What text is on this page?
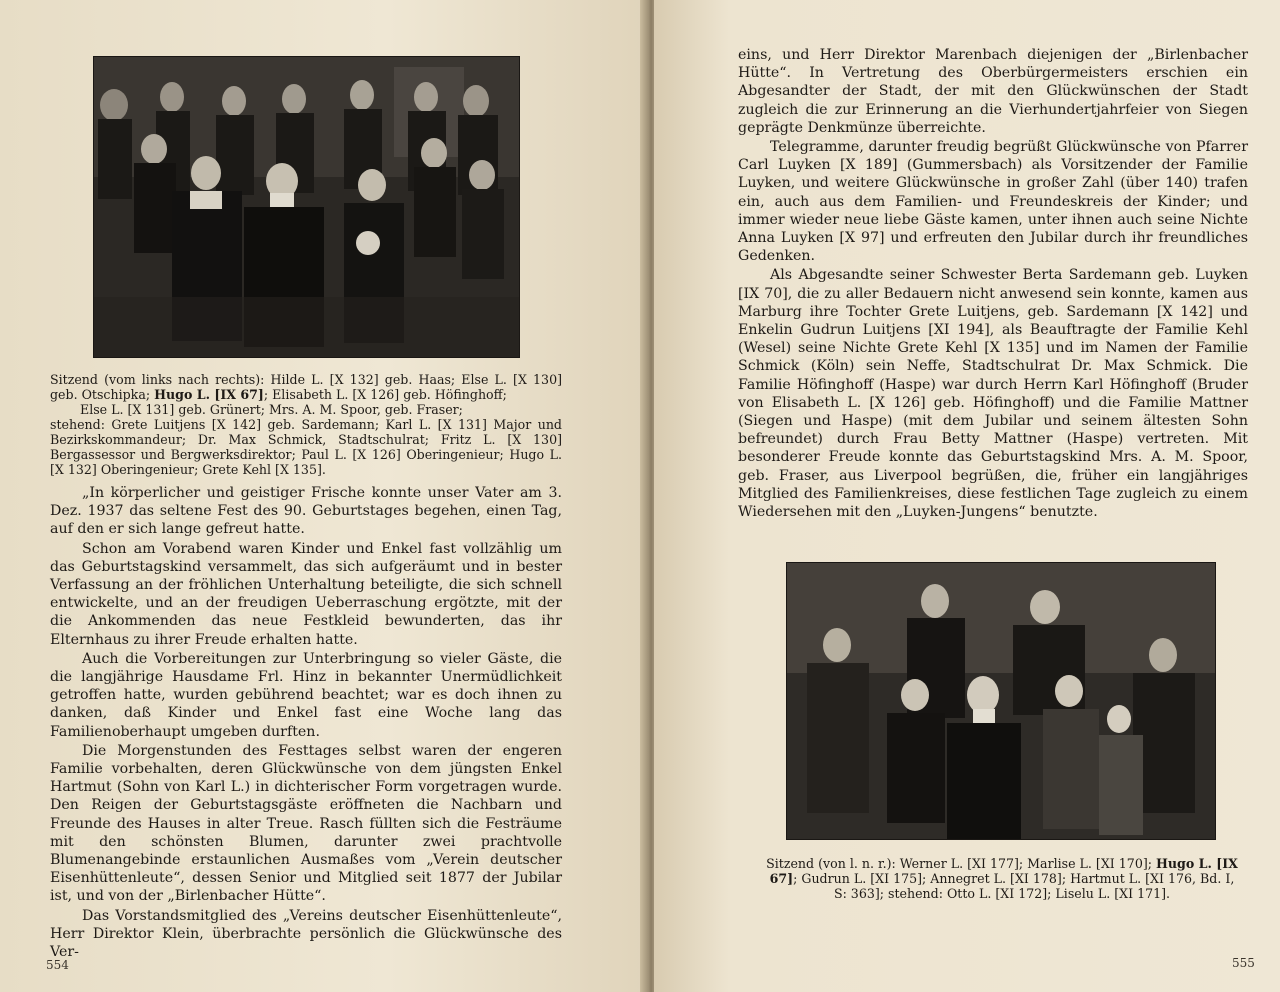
Sitzend (vom links nach rechts): Hilde L. [X 132] geb. Haas; Else L. [X 130] geb. Otschipka; Hugo L. [IX 67]; Elisabeth L. [X 126] geb. Höfinghoff;

Else L. [X 131] geb. Grünert; Mrs. A. M. Spoor, geb. Fraser;

stehend: Grete Luitjens [X 142] geb. Sardemann; Karl L. [X 131] Major und Bezirkskommandeur; Dr. Max Schmick, Stadtschulrat; Fritz L. [X 130] Bergassessor und Bergwerksdirektor; Paul L. [X 126] Oberingenieur; Hugo L. [X 132] Oberingenieur; Grete Kehl [X 135].

„In körperlicher und geistiger Frische konnte unser Vater am 3. Dez. 1937 das seltene Fest des 90. Geburtstages begehen, einen Tag, auf den er sich lange gefreut hatte.

Schon am Vorabend waren Kinder und Enkel fast vollzählig um das Geburtstagskind versammelt, das sich aufgeräumt und in bester Verfassung an der fröhlichen Unterhaltung beteiligte, die sich schnell entwickelte, und an der freudigen Ueberraschung ergötzte, mit der die Ankommenden das neue Festkleid bewunderten, das ihr Elternhaus zu ihrer Freude erhalten hatte.

Auch die Vorbereitungen zur Unterbringung so vieler Gäste, die die langjährige Hausdame Frl. Hinz in bekannter Unermüdlichkeit getroffen hatte, wurden gebührend beachtet; war es doch ihnen zu danken, daß Kinder und Enkel fast eine Woche lang das Familienoberhaupt umgeben durften.

Die Morgenstunden des Festtages selbst waren der engeren Familie vorbehalten, deren Glückwünsche von dem jüngsten Enkel Hartmut (Sohn von Karl L.) in dichterischer Form vorgetragen wurde. Den Reigen der Geburtstagsgäste eröffneten die Nachbarn und Freunde des Hauses in alter Treue. Rasch füllten sich die Festräume mit den schönsten Blumen, darunter zwei prachtvolle Blumenangebinde erstaunlichen Ausmaßes vom „Verein deutscher Eisenhüttenleute“, dessen Senior und Mitglied seit 1877 der Jubilar ist, und von der „Birlenbacher Hütte“.

Das Vorstandsmitglied des „Vereins deutscher Eisenhüttenleute“, Herr Direktor Klein, überbrachte persönlich die Glückwünsche des Ver-

554

eins, und Herr Direktor Marenbach diejenigen der „Birlenbacher Hütte“. In Vertretung des Oberbürgermeisters erschien ein Abgesandter der Stadt, der mit den Glückwünschen der Stadt zugleich die zur Erinnerung an die Vierhundertjahrfeier von Siegen geprägte Denkmünze überreichte.

Telegramme, darunter freudig begrüßt Glückwünsche von Pfarrer Carl Luyken [X 189] (Gummersbach) als Vorsitzender der Familie Luyken, und weitere Glückwünsche in großer Zahl (über 140) trafen ein, auch aus dem Familien- und Freundeskreis der Kinder; und immer wieder neue liebe Gäste kamen, unter ihnen auch seine Nichte Anna Luyken [X 97] und erfreuten den Jubilar durch ihr freundliches Gedenken.

Als Abgesandte seiner Schwester Berta Sardemann geb. Luyken [IX 70], die zu aller Bedauern nicht anwesend sein konnte, kamen aus Marburg ihre Tochter Grete Luitjens, geb. Sardemann [X 142] und Enkelin Gudrun Luitjens [XI 194], als Beauftragte der Familie Kehl (Wesel) seine Nichte Grete Kehl [X 135] und im Namen der Familie Schmick (Köln) sein Neffe, Stadtschulrat Dr. Max Schmick. Die Familie Höfinghoff (Haspe) war durch Herrn Karl Höfinghoff (Bruder von Elisabeth L. [X 126] geb. Höfinghoff) und die Familie Mattner (Siegen und Haspe) (mit dem Jubilar und seinem ältesten Sohn befreundet) durch Frau Betty Mattner (Haspe) vertreten. Mit besonderer Freude konnte das Geburtstagskind Mrs. A. M. Spoor, geb. Fraser, aus Liverpool begrüßen, die, früher ein langjähriges Mitglied des Familienkreises, diese festlichen Tage zugleich zu einem Wiedersehen mit den „Luyken-Jungens“ benutzte.

Sitzend (von l. n. r.): Werner L. [XI 177]; Marlise L. [XI 170]; Hugo L. [IX 67]; Gudrun L. [XI 175]; Annegret L. [XI 178]; Hartmut L. [XI 176, Bd. I, S: 363]; stehend: Otto L. [XI 172]; Liselu L. [XI 171].

555
